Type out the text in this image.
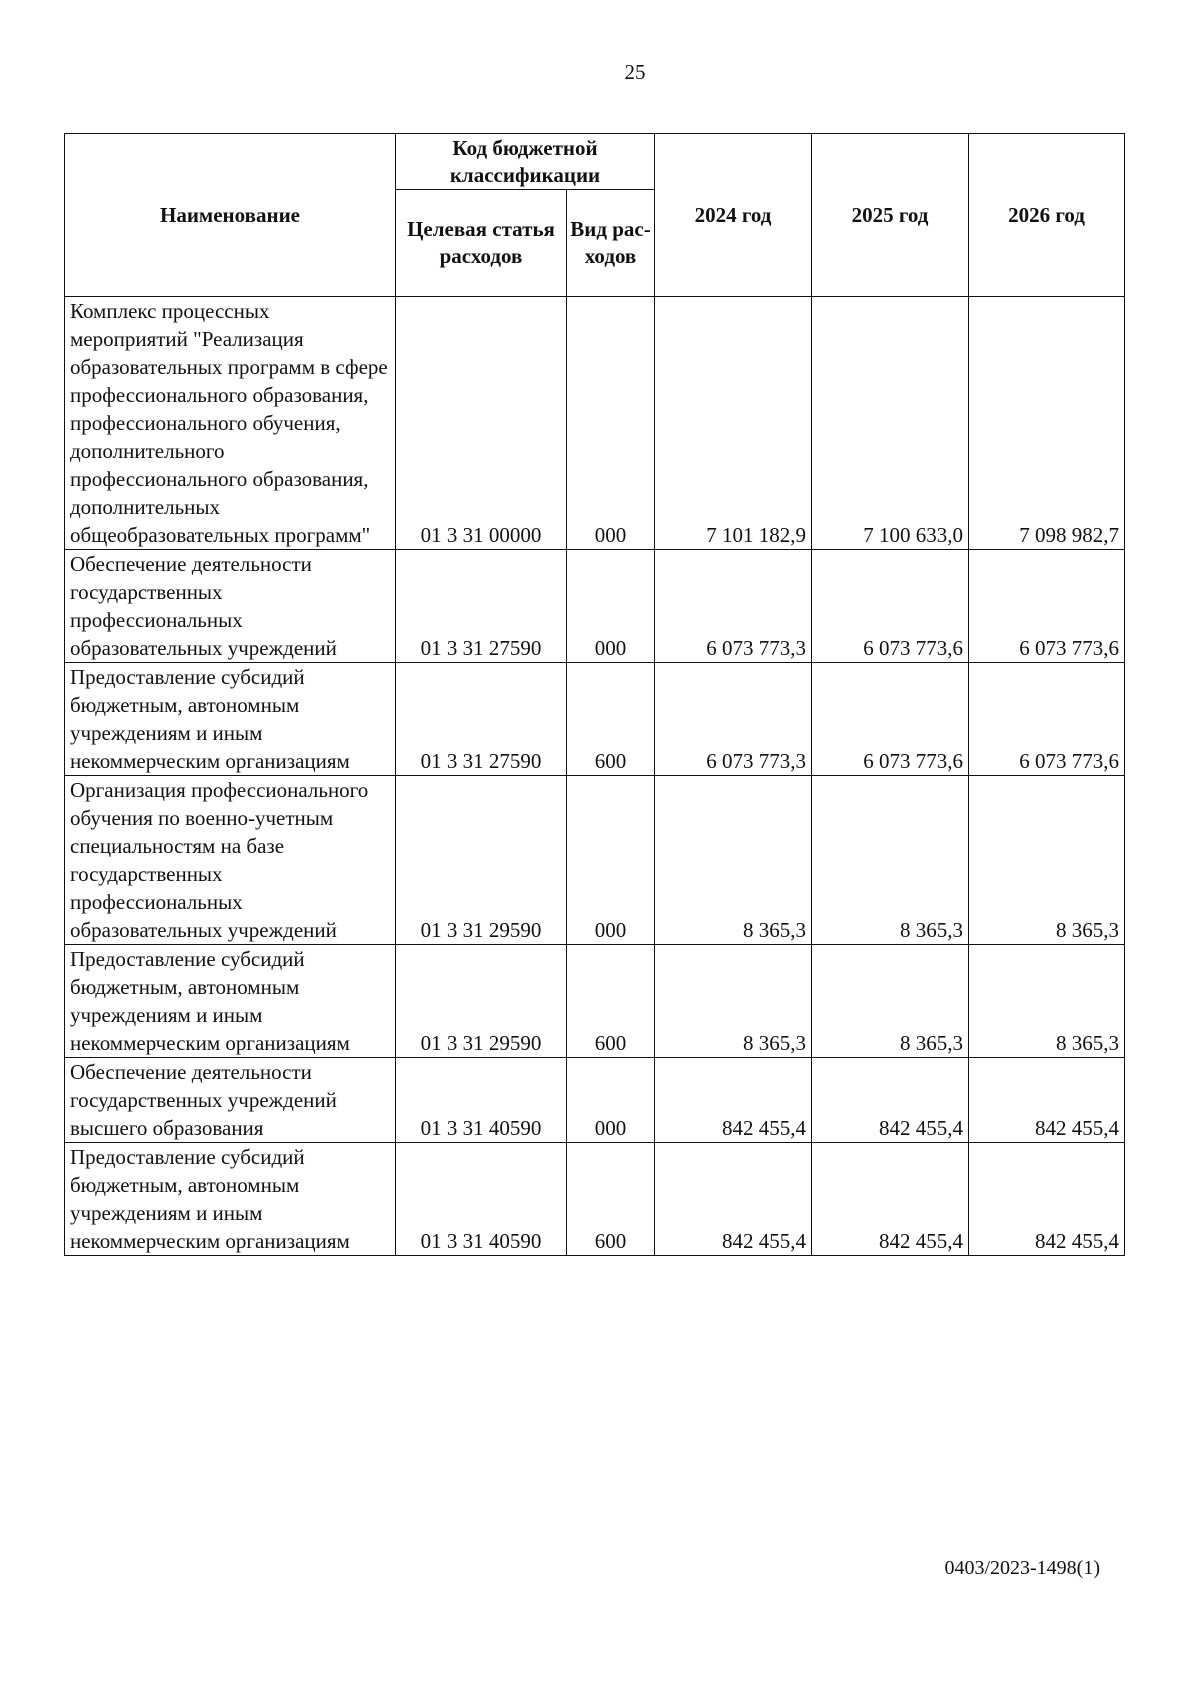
25
Наименование	Код бюджетной классификации		2024 год	2025 год	2026 год
	Целевая статья расходов	Вид рас- ходов			
Комплекс процессных мероприятий "Реализация образовательных программ в сфере профессионального образования, профессионального обучения, дополнительного профессионального образования, дополнительных общеобразовательных программ"	01 3 31 00000	000	7 101 182,9	7 100 633,0	7 098 982,7
Обеспечение деятельности государственных профессиональных образовательных учреждений	01 3 31 27590	000	6 073 773,3	6 073 773,6	6 073 773,6
Предоставление субсидий бюджетным, автономным учреждениям и иным некоммерческим организациям	01 3 31 27590	600	6 073 773,3	6 073 773,6	6 073 773,6
Организация профессионального обучения по военно-учетным специальностям на базе государственных профессиональных образовательных учреждений	01 3 31 29590	000	8 365,3	8 365,3	8 365,3
Предоставление субсидий бюджетным, автономным учреждениям и иным некоммерческим организациям	01 3 31 29590	600	8 365,3	8 365,3	8 365,3
Обеспечение деятельности государственных учреждений высшего образования	01 3 31 40590	000	842 455,4	842 455,4	842 455,4
Предоставление субсидий бюджетным, автономным учреждениям и иным некоммерческим организациям	01 3 31 40590	600	842 455,4	842 455,4	842 455,4
0403/2023-1498(1)
